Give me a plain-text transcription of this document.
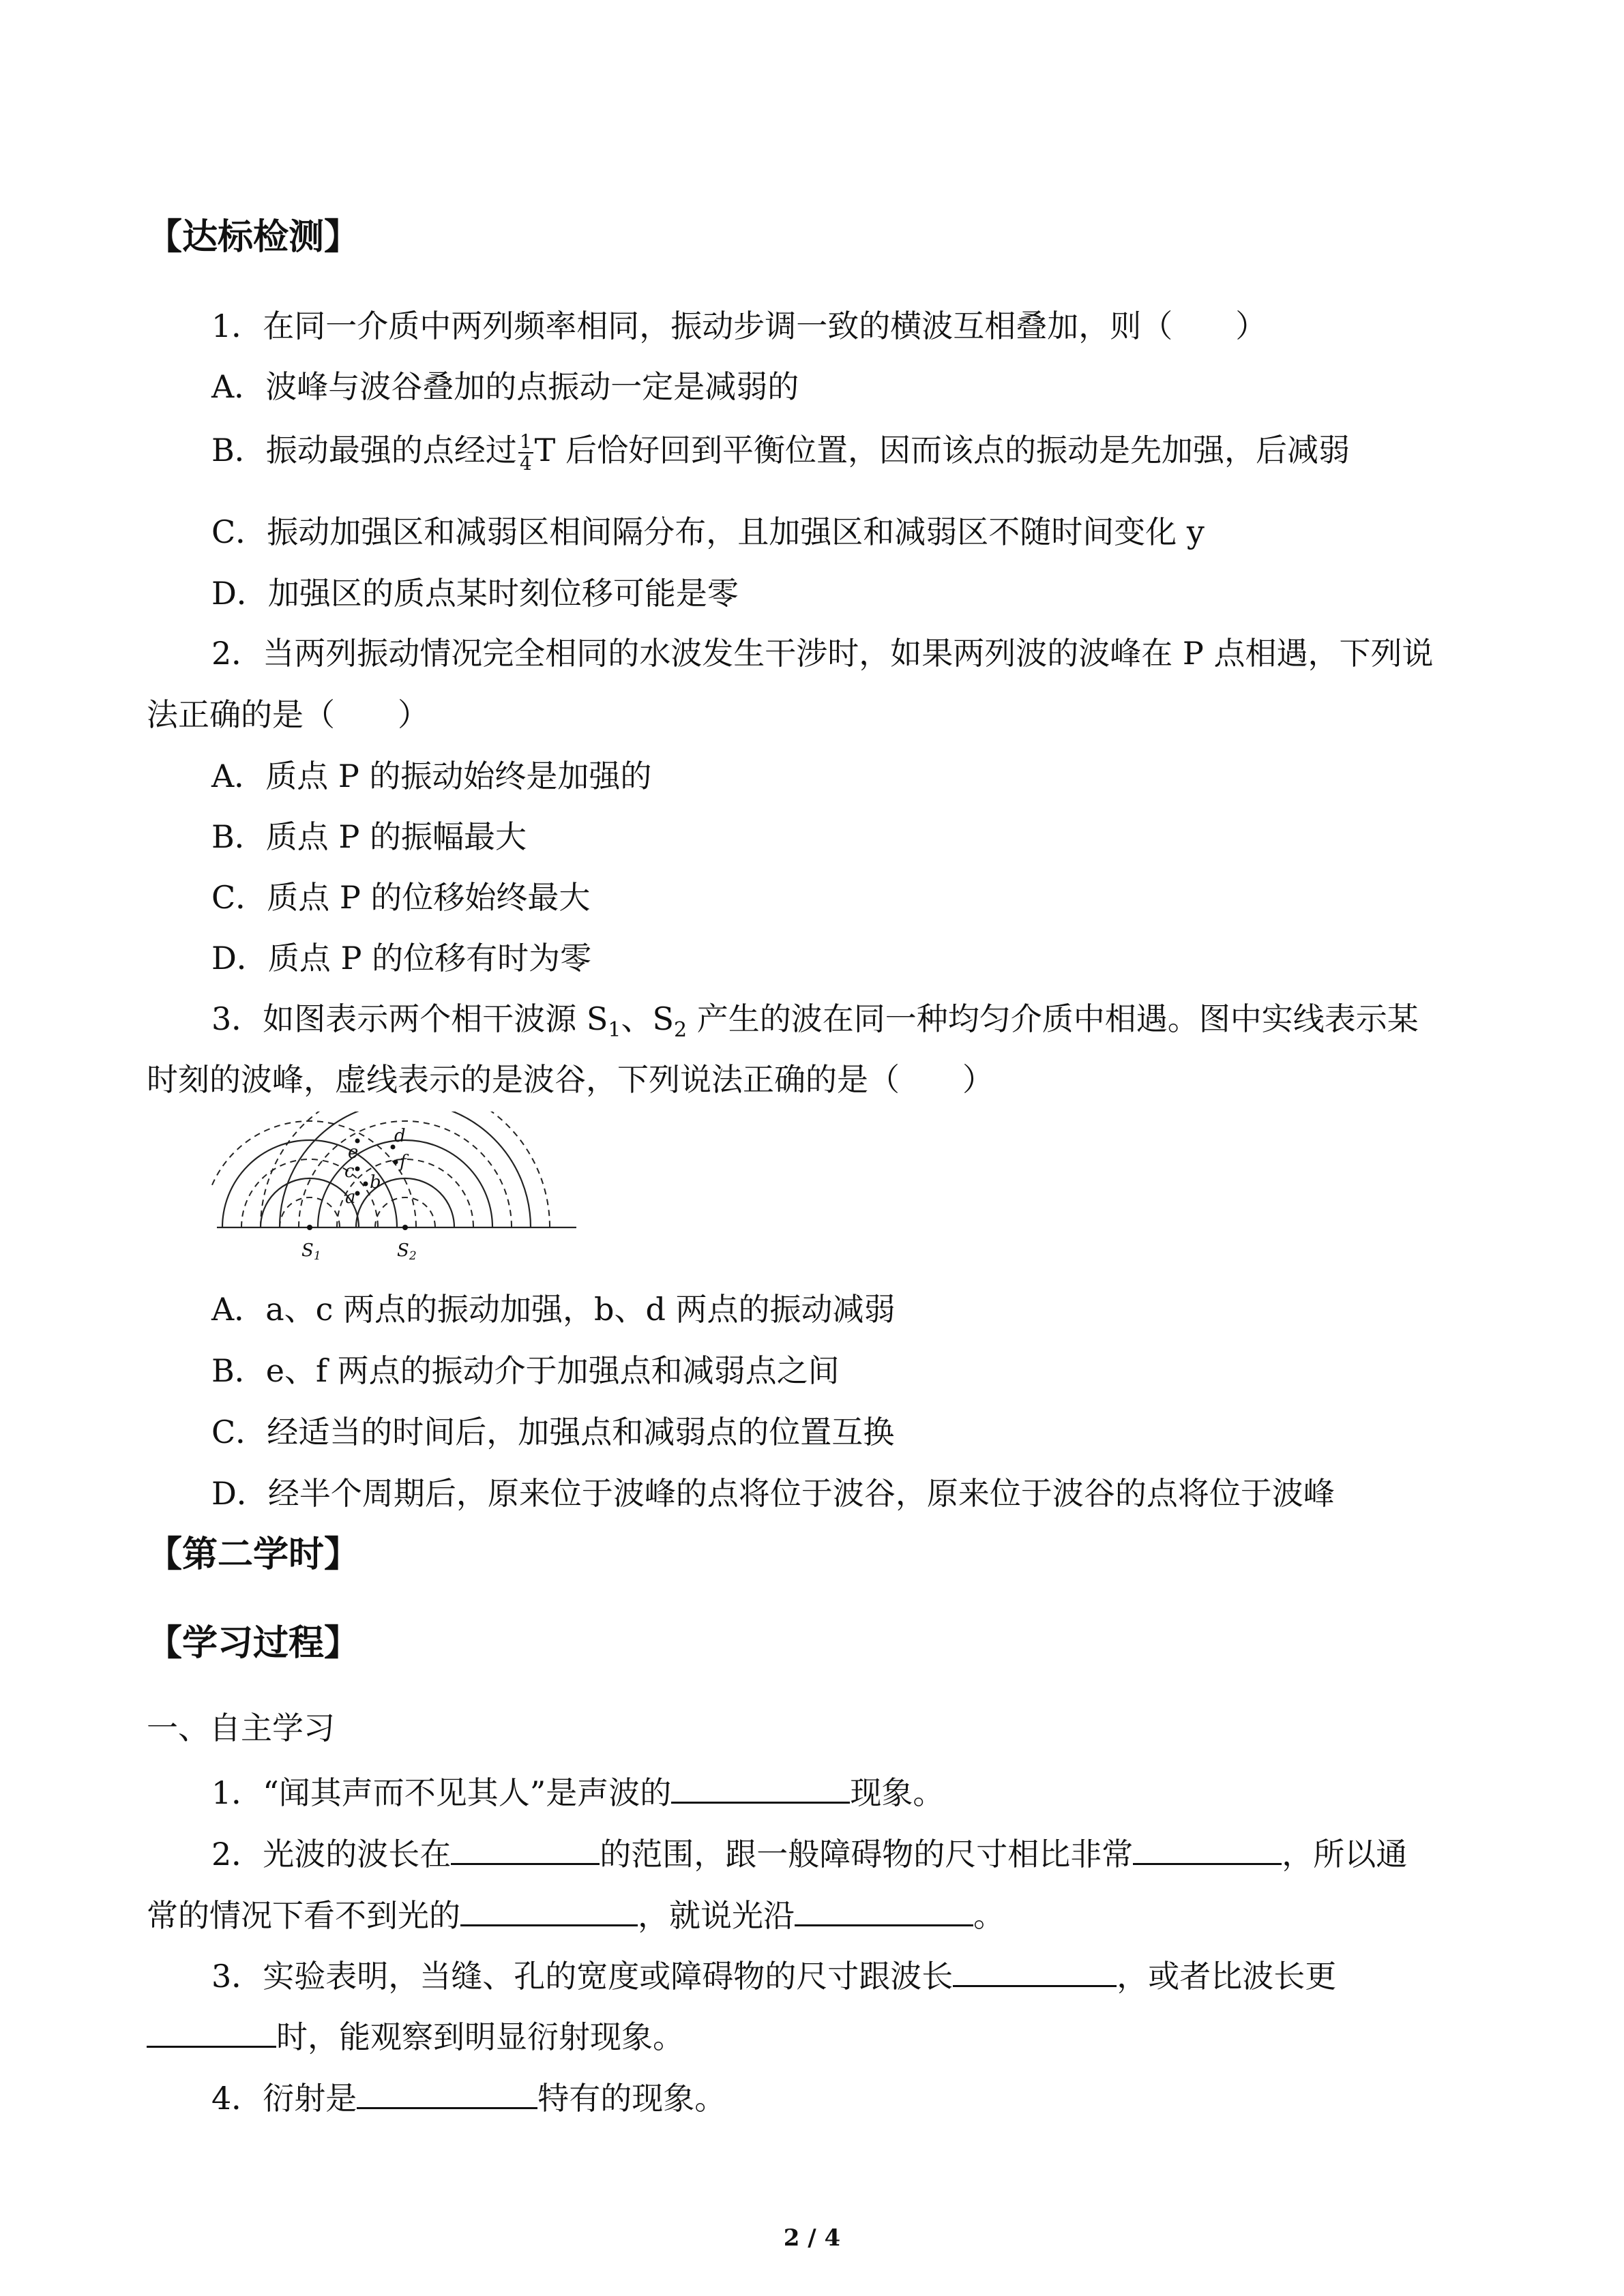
【达标检测】
1．在同一介质中两列频率相同，振动步调一致的横波互相叠加，则（　　）
A．波峰与波谷叠加的点振动一定是减弱的
B．振动最强的点经过 $\frac{1}{4}$ T 后恰好回到平衡位置，因而该点的振动是先加强，后减弱
C．振动加强区和减弱区相间隔分布，且加强区和减弱区不随时间变化 y
D．加强区的质点某时刻位移可能是零
2．当两列振动情况完全相同的水波发生干涉时，如果两列波的波峰在 P 点相遇，下列说
法正确的是（　　）
A．质点 P 的振动始终是加强的
B．质点 P 的振幅最大
C．质点 P 的位移始终最大
D．质点 P 的位移有时为零
3．如图表示两个相干波源 $S_1$、$S_2$ 产生的波在同一种均匀介质中相遇。图中实线表示某
时刻的波峰，虚线表示的是波谷，下列说法正确的是（　　）
a
b
c
d
e f
S1	S2
A．a、c 两点的振动加强，b、d 两点的振动减弱
B．e、f 两点的振动介于加强点和减弱点之间
C．经适当的时间后，加强点和减弱点的位置互换
D．经半个周期后，原来位于波峰的点将位于波谷，原来位于波谷的点将位于波峰
【第二学时】
【学习过程】
一、自主学习
1．“闻其声而不见其人”是声波的	现象。
2．光波的波长在	的范围，跟一般障碍物的尺寸相比非常	，所以通
常的情况下看不到光的	，就说光沿	。
3．实验表明，当缝、孔的宽度或障碍物的尺寸跟波长	，或者比波长更
时，能观察到明显衍射现象。
4．衍射是	特有的现象。
2 / 4
